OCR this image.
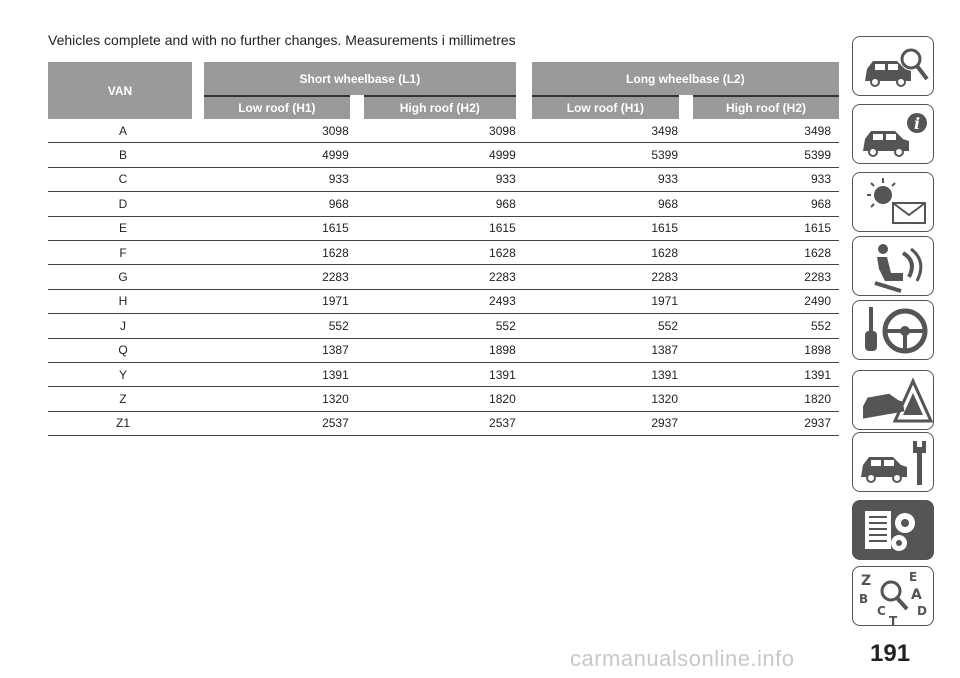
Vehicles complete and with no further changes. Measurements i millimetres
VAN	Short wheelbase (L1)		Long wheelbase (L2)	
	Low roof (H1)	High roof (H2)	Low roof (H1)	High roof (H2)
A	3098	3098	3498	3498
B	4999	4999	5399	5399
C	933	933	933	933
D	968	968	968	968
E	1615	1615	1615	1615
F	1628	1628	1628	1628
G	2283	2283	2283	2283
H	1971	2493	1971	2490
J	552	552	552	552
Q	1387	1898	1387	1898
Y	1391	1391	1391	1391
Z	1320	1820	1320	1820
Z1	2537	2537	2937	2937
i
Z	E
A
B
C	D
T
191
carmanualsonline.info
